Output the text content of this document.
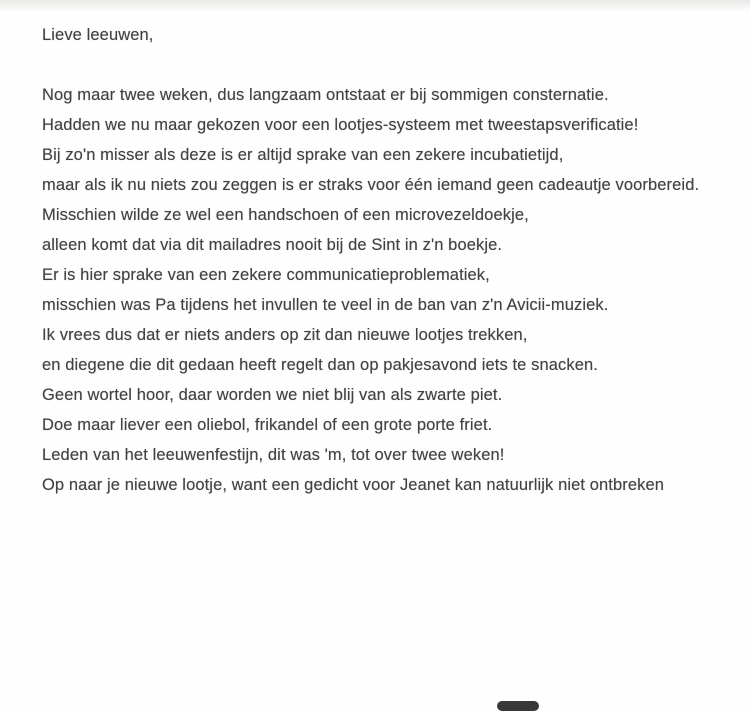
Lieve leeuwen,

Nog maar twee weken, dus langzaam ontstaat er bij sommigen consternatie.
Hadden we nu maar gekozen voor een lootjes-systeem met tweestapsverificatie!

Bij zo'n misser als deze is er altijd sprake van een zekere incubatietijd,
maar als ik nu niets zou zeggen is er straks voor één iemand geen cadeautje voorbereid.

Misschien wilde ze wel een handschoen of een microvezeldoekje,
alleen komt dat via dit mailadres nooit bij de Sint in z'n boekje.

Er is hier sprake van een zekere communicatieproblematiek,
misschien was Pa tijdens het invullen te veel in de ban van z'n Avicii-muziek.

Ik vrees dus dat er niets anders op zit dan nieuwe lootjes trekken,
en diegene die dit gedaan heeft regelt dan op pakjesavond iets te snacken.

Geen wortel hoor, daar worden we niet blij van als zwarte piet.
Doe maar liever een oliebol, frikandel of een grote porte friet.

Leden van het leeuwenfestijn, dit was 'm, tot over twee weken!
Op naar je nieuwe lootje, want een gedicht voor Jeanet kan natuurlijk niet ontbreken
